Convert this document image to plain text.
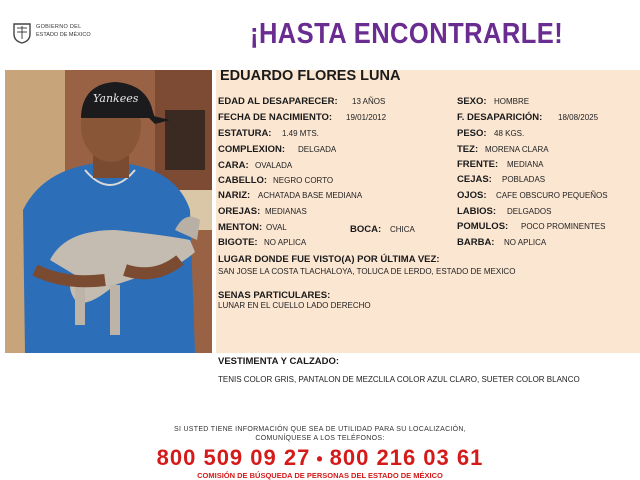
GOBIERNO DEL
ESTADO DE MÉXICO	¡HASTA ENCONTRARLE!
Yankees
EDUARDO FLORES LUNA
EDAD AL DESAPARECER: 13 AÑOS
FECHA DE NACIMIENTO: 19/01/2012
ESTATURA: 1.49 MTS.
COMPLEXION: DELGADA
CARA: OVALADA
CABELLO: NEGRO CORTO
NARIZ: ACHATADA BASE MEDIANA
OREJAS: MEDIANAS
MENTON: OVAL	BOCA: CHICA
BIGOTE: NO APLICA
SEXO: HOMBRE
F. DESAPARICIÓN: 18/08/2025
PESO: 48 KGS.
TEZ: MORENA CLARA
FRENTE: MEDIANA
CEJAS: POBLADAS
OJOS: CAFE OBSCURO PEQUEÑOS
LABIOS: DELGADOS
POMULOS: POCO PROMINENTES
BARBA: NO APLICA
LUGAR DONDE FUE VISTO(A) POR ÚLTIMA VEZ:
SAN JOSE LA COSTA TLACHALOYA, TOLUCA DE LERDO, ESTADO DE MEXICO
SENAS PARTICULARES:
LUNAR EN EL CUELLO LADO DERECHO
VESTIMENTA Y CALZADO:
TENIS COLOR GRIS, PANTALON DE MEZCLILA COLOR AZUL CLARO, SUETER COLOR BLANCO
SI USTED TIENE INFORMACIÓN QUE SEA DE UTILIDAD PARA SU LOCALIZACIÓN,
COMUNÍQUESE A LOS TELÉFONOS:
800 509 09 27 • 800 216 03 61
COMISIÓN DE BÚSQUEDA DE PERSONAS DEL ESTADO DE MÉXICO
